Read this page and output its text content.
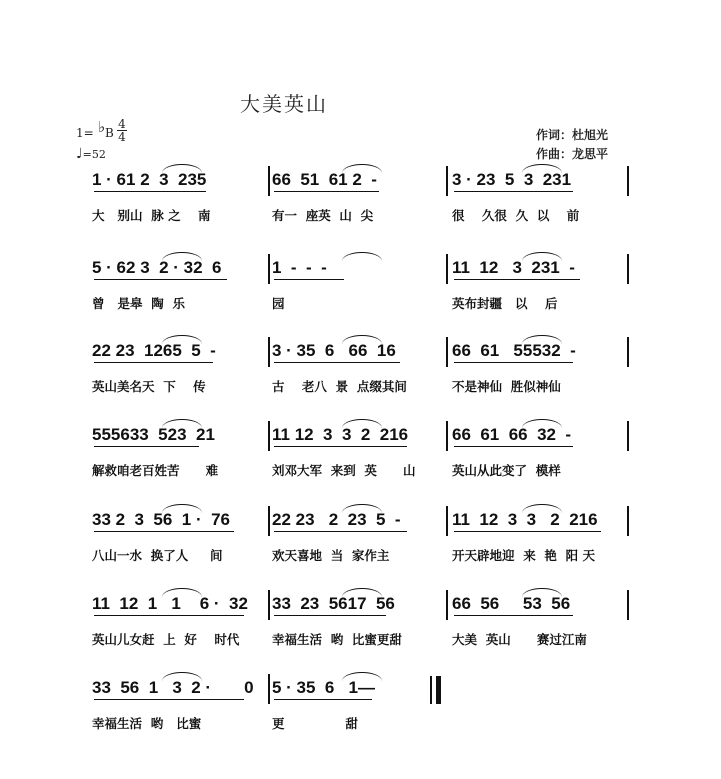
大美英山
1= ♭ B
4
4
♩=52
作词：杜旭光
作曲：龙思平
1 · 61 2  3  235
大   别山  脉 之    南
66  51  61 2  -
有一  座英  山  尖
3 · 23  5  3  231
很    久很  久  以    前
5 · 62 3  2 · 32  6
曾   是皋  陶  乐
1  -  -  -
园
11  12   3  231  -
英布封疆   以    后
22 23  1265  5  -
英山美名天  下    传
3 · 35  6   66  16
古    老八  景  点缀其间
66  61   55532  -
不是神仙  胜似神仙
555633  523  21
解救咱老百姓苦      难
11 12  3  3  2  216
刘邓大军  来到  英      山
66  61  66  32  -
英山从此变了  模样
33 2  3  56  1 ·  76
八山一水  换了人     间
22 23   2  23  5  -
欢天喜地  当  家作主
11  12  3  3   2  216
开天辟地迎  来  艳  阳 天
11  12  1   1    6 ·  32
英山儿女赶  上  好    时代
33  23  5617  56
幸福生活  哟  比蜜更甜
66  56     53  56
大美  英山      赛过江南
33  56  1   3  2 ·       0
幸福生活  哟   比蜜
5 · 35  6   1—
更              甜
